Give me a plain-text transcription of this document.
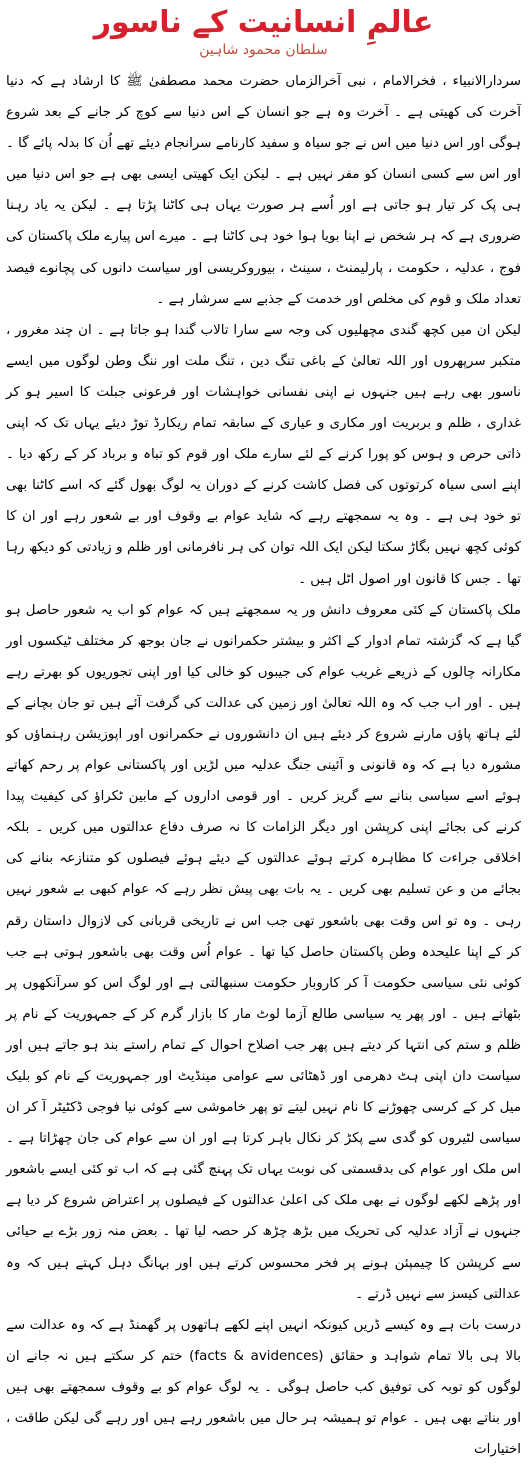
عالمِ انسانیت کے ناسور
سلطان محمود شاہین

سردارالانبیاء ، فخرالامام ، نبی آخرالزماں حضرت محمد مصطفیٰ ﷺ کا ارشاد ہے کہ دنیا آخرت کی کھیتی ہے ۔ آخرت وہ ہے جو انسان کے اس دنیا سے کوچ کر جانے کے بعد شروع ہوگی اور اس دنیا میں اس نے جو سیاہ و سفید کارنامے سرانجام دیئے تھے اُن کا بدلہ پائے گا ۔ اور اس سے کسی انسان کو مفر نہیں ہے ۔ لیکن ایک کھیتی ایسی بھی ہے جو اس دنیا میں ہی پک کر تیار ہو جاتی ہے اور اُسے ہر صورت یہاں ہی کاٹنا پڑتا ہے ۔ لیکن یہ یاد رہنا ضروری ہے کہ ہر شخص نے اپنا بویا ہوا خود ہی کاٹنا ہے ۔ میرے اس پیارے ملک پاکستان کی فوج ، عدلیہ ، حکومت ، پارلیمنٹ ، سینٹ ، بیوروکریسی اور سیاست دانوں کی پچانوے فیصد تعداد ملک و قوم کی مخلص اور خدمت کے جذبے سے سرشار ہے ۔

لیکن ان میں کچھ گندی مچھلیوں کی وجہ سے سارا تالاب گندا ہو جاتا ہے ۔ ان چند مغرور ، متکبر سرپھروں اور اللہ تعالیٰ کے باغی تنگ دین ، تنگ ملت اور ننگ وطن لوگوں میں ایسے ناسور بھی رہے ہیں جنہوں نے اپنی نفسانی خواہشات اور فرعونی جبلت کا اسیر ہو کر غداری ، ظلم و بربریت اور مکاری و عیاری کے سابقہ تمام ریکارڈ توڑ دیئے یہاں تک کہ اپنی ذاتی حرص و ہوس کو پورا کرنے کے لئے سارے ملک اور قوم کو تباہ و برباد کر کے رکھ دیا ۔ اپنے اسی سیاہ کرتوتوں کی فصل کاشت کرنے کے دوران یہ لوگ بھول گئے کہ اسے کاٹنا بھی تو خود ہی ہے ۔ وہ یہ سمجھتے رہے کہ شاید عوام بے وقوف اور بے شعور رہے اور ان کا کوئی کچھ نہیں بگاڑ سکتا لیکن ایک اللہ توان کی ہر نافرمانی اور ظلم و زیادتی کو دیکھ رہا تھا ۔ جس کا قانون اور اصول اٹل ہیں ۔

ملک پاکستان کے کئی معروف دانش ور یہ سمجھتے ہیں کہ عوام کو اب یہ شعور حاصل ہو گیا ہے کہ گزشتہ تمام ادوار کے اکثر و بیشتر حکمرانوں نے جان بوجھ کر مختلف ٹیکسوں اور مکارانہ چالوں کے ذریعے غریب عوام کی جیبوں کو خالی کیا اور اپنی تجوریوں کو بھرتے رہے ہیں ۔ اور اب جب کہ وہ اللہ تعالیٰ اور زمین کی عدالت کی گرفت آئے ہیں تو جان بچانے کے لئے ہاتھ پاؤں مارنے شروع کر دیئے ہیں ان دانشوروں نے حکمرانوں اور اپوزیشن رہنماؤں کو مشورہ دیا ہے کہ وہ قانونی و آئینی جنگ عدلیہ میں لڑیں اور پاکستانی عوام پر رحم کھاتے ہوئے اسے سیاسی بنانے سے گریز کریں ۔ اور قومی اداروں کے مابین ٹکراؤ کی کیفیت پیدا کرنے کی بجائے اپنی کرپشن اور دیگر الزامات کا نہ صرف دفاع عدالتوں میں کریں ۔ بلکہ اخلاقی جراءت کا مظاہرہ کرتے ہوئے عدالتوں کے دیئے ہوئے فیصلوں کو متنازعہ بنانے کی بجائے من و عن تسلیم بھی کریں ۔ یہ بات بھی پیش نظر رہے کہ عوام کبھی بے شعور نہیں رہی ۔ وہ تو اس وقت بھی باشعور تھی جب اس نے تاریخی قربانی کی لازوال داستان رقم کر کے اپنا علیحدہ وطن پاکستان حاصل کیا تھا ۔ عوام اُس وقت بھی باشعور ہوتی ہے جب کوئی نئی سیاسی حکومت آ کر کاروبار حکومت سنبھالتی ہے اور لوگ اس کو سرآنکھوں پر بٹھاتے ہیں ۔ اور پھر یہ سیاسی طالع آزما لوٹ مار کا بازار گرم کر کے جمہوریت کے نام پر ظلم و ستم کی انتہا کر دیتے ہیں پھر جب اصلاح احوال کے تمام راستے بند ہو جاتے ہیں اور سیاست دان اپنی ہٹ دھرمی اور ڈھٹائی سے عوامی مینڈیٹ اور جمہوریت کے نام کو بلیک میل کر کے کرسی چھوڑنے کا نام نہیں لیتے تو پھر خاموشی سے کوئی نیا فوجی ڈکٹیٹر آ کر ان سیاسی لٹیروں کو گدی سے پکڑ کر نکال باہر کرتا ہے اور ان سے عوام کی جان چھڑاتا ہے ۔ اس ملک اور عوام کی بدقسمتی کی نوبت یہاں تک پہنچ گئی ہے کہ اب تو کئی ایسے باشعور اور پڑھے لکھے لوگوں نے بھی ملک کی اعلیٰ عدالتوں کے فیصلوں پر اعتراض شروع کر دیا ہے جنہوں نے آزاد عدلیہ کی تحریک میں بڑھ چڑھ کر حصہ لیا تھا ۔ بعض منہ زور بڑے بے حیائی سے کرپشن کا چیمپئن ہونے پر فخر محسوس کرتے ہیں اور بہانگ دہل کہتے ہیں کہ وہ عدالتی کیسز سے نہیں ڈرتے ۔

درست بات ہے وہ کیسے ڈریں کیونکہ انہیں اپنے لکھے ہاتھوں پر گھمنڈ ہے کہ وہ عدالت سے بالا ہی بالا تمام شواہد و حقائق (facts & avidences) ختم کر سکتے ہیں نہ جانے ان لوگوں کو توبہ کی توفیق کب حاصل ہوگی ۔ یہ لوگ عوام کو بے وقوف سمجھتے بھی ہیں اور بناتے بھی ہیں ۔ عوام تو ہمیشہ ہر حال میں باشعور رہے ہیں اور رہے گی لیکن طاقت ، اختیارات
